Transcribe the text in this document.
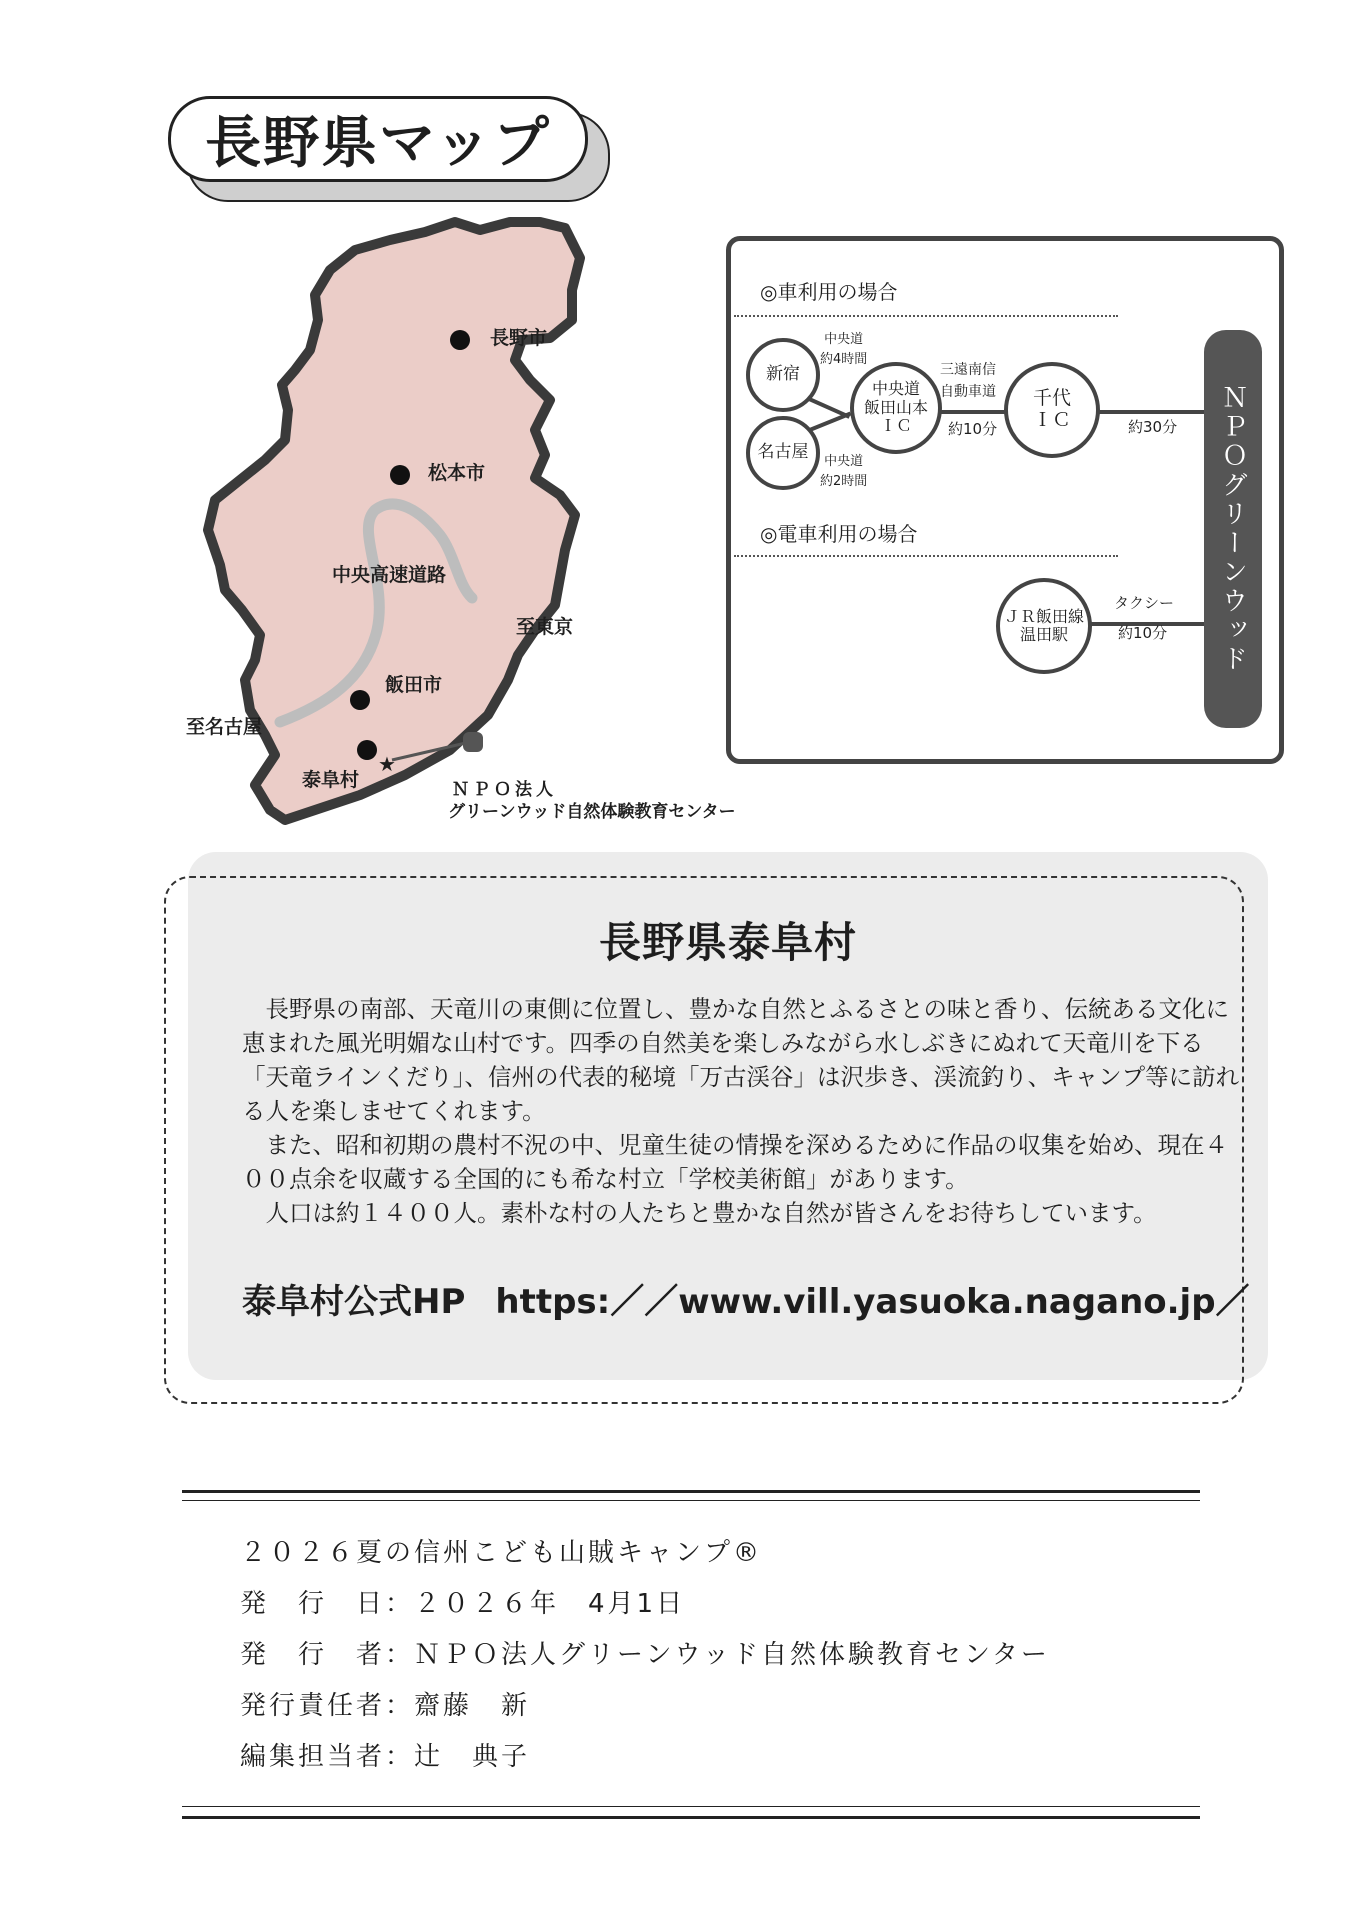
長野県マップ
長野市
松本市
中央高速道路
至東京
飯田市
至名古屋
泰阜村
★
ＮＰＯ法人
グリーンウッド自然体験教育センター
◎車利用の場合
新宿
名古屋
中央道
飯田山本
ＩＣ
千代
ＩＣ
中央道
約4時間
中央道
約2時間
三遠南信
自動車道
約10分	約30分
◎電車利用の場合
ＪＲ飯田線
温田駅
タクシー
約10分 ＮＰＯグリーンウッド
長野県泰阜村

長野県の南部、天竜川の東側に位置し、豊かな自然とふるさとの味と香り、伝統ある文化に恵まれた風光明媚な山村です。四季の自然美を楽しみながら水しぶきにぬれて天竜川を下る「天竜ラインくだり」、信州の代表的秘境「万古渓谷」は沢歩き、渓流釣り、キャンプ等に訪れる人を楽しませてくれます。

また、昭和初期の農村不況の中、児童生徒の情操を深めるために作品の収集を始め、現在４００点余を収蔵する全国的にも希な村立「学校美術館」があります。

人口は約１４００人。素朴な村の人たちと豊かな自然が皆さんをお待ちしています。

泰阜村公式HP https:／／www.vill.yasuoka.nagano.jp／
２０２６夏の信州こども山賊キャンプ®
発　行　日：２０２６年　4月1日
発　行　者：ＮＰＯ法人グリーンウッド自然体験教育センター
発行責任者：齋藤　新
編集担当者：辻　典子
